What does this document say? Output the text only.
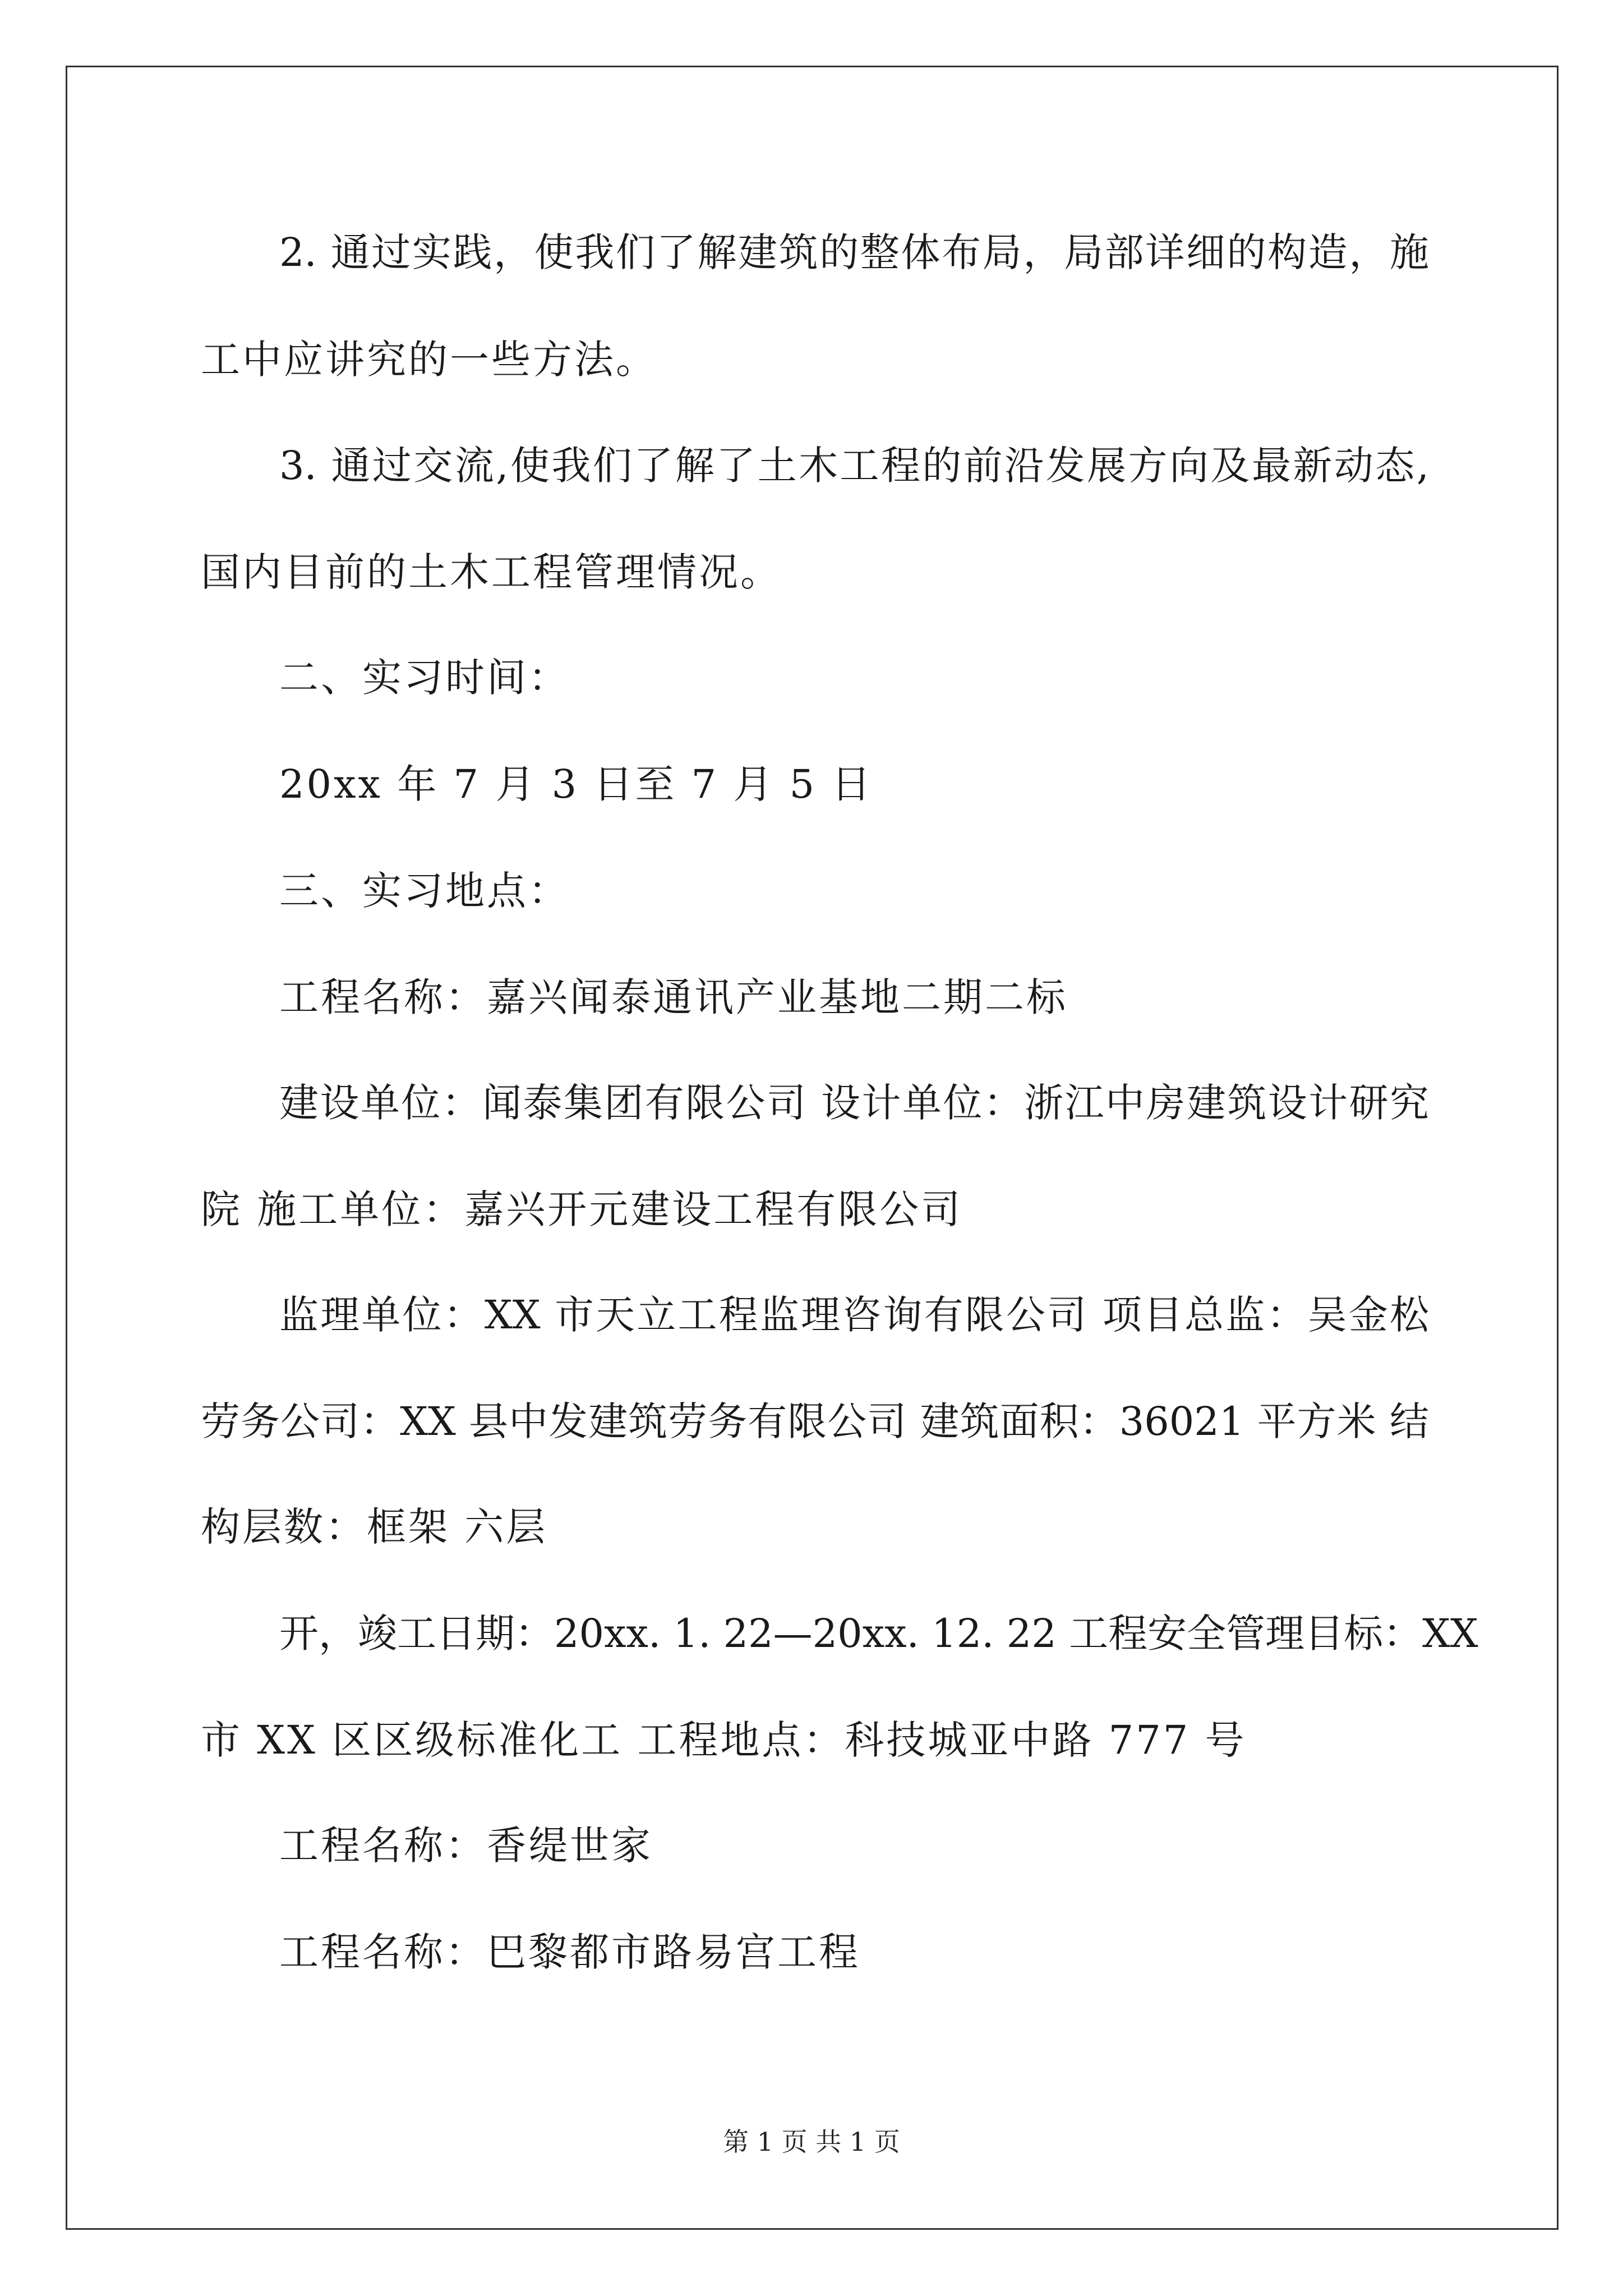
2. 通过实践，使我们了解建筑的整体布局，局部详细的构造，施
工中应讲究的一些方法。
3. 通过交流,使我们了解了土木工程的前沿发展方向及最新动态,
国内目前的土木工程管理情况。
二、实习时间：
20xx 年 7 月 3 日至 7 月 5 日
三、实习地点：
工程名称：嘉兴闻泰通讯产业基地二期二标
建设单位：闻泰集团有限公司 设计单位：浙江中房建筑设计研究
院 施工单位：嘉兴开元建设工程有限公司
监理单位：XX 市天立工程监理咨询有限公司 项目总监：吴金松
劳务公司：XX 县中发建筑劳务有限公司 建筑面积：36021 平方米 结
构层数：框架 六层
开，竣工日期：20xx. 1. 22—20xx. 12. 22 工程安全管理目标：XX
市 XX 区区级标准化工 工程地点：科技城亚中路 777 号
工程名称：香缇世家
工程名称：巴黎都市路易宫工程
第 1 页 共 1 页
